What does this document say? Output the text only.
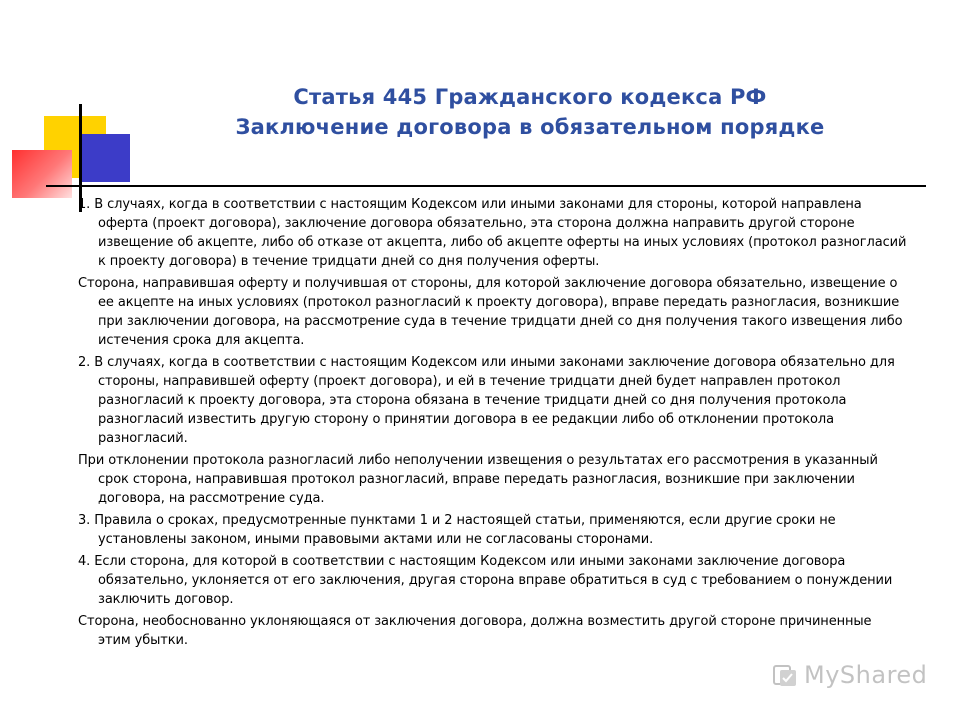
Статья 445 Гражданского кодекса РФ
Заключение договора в обязательном порядке

1. В случаях, когда в соответствии с настоящим Кодексом или иными законами для стороны, которой направлена оферта (проект договора), заключение договора обязательно, эта сторона должна направить другой стороне извещение об акцепте, либо об отказе от акцепта, либо об акцепте оферты на иных условиях (протокол разногласий к проекту договора) в течение тридцати дней со дня получения оферты.

Сторона, направившая оферту и получившая от стороны, для которой заключение договора обязательно, извещение о ее акцепте на иных условиях (протокол разногласий к проекту договора), вправе передать разногласия, возникшие при заключении договора, на рассмотрение суда в течение тридцати дней со дня получения такого извещения либо истечения срока для акцепта.

2. В случаях, когда в соответствии с настоящим Кодексом или иными законами заключение договора обязательно для стороны, направившей оферту (проект договора), и ей в течение тридцати дней будет направлен протокол разногласий к проекту договора, эта сторона обязана в течение тридцати дней со дня получения протокола разногласий известить другую сторону о принятии договора в ее редакции либо об отклонении протокола разногласий.

При отклонении протокола разногласий либо неполучении извещения о результатах его рассмотрения в указанный срок сторона, направившая протокол разногласий, вправе передать разногласия, возникшие при заключении договора, на рассмотрение суда.

3. Правила о сроках, предусмотренные пунктами 1 и 2 настоящей статьи, применяются, если другие сроки не установлены законом, иными правовыми актами или не согласованы сторонами.

4. Если сторона, для которой в соответствии с настоящим Кодексом или иными законами заключение договора обязательно, уклоняется от его заключения, другая сторона вправе обратиться в суд с требованием о понуждении заключить договор.

Сторона, необоснованно уклоняющаяся от заключения договора, должна возместить другой стороне причиненные этим убытки.

MyShared
